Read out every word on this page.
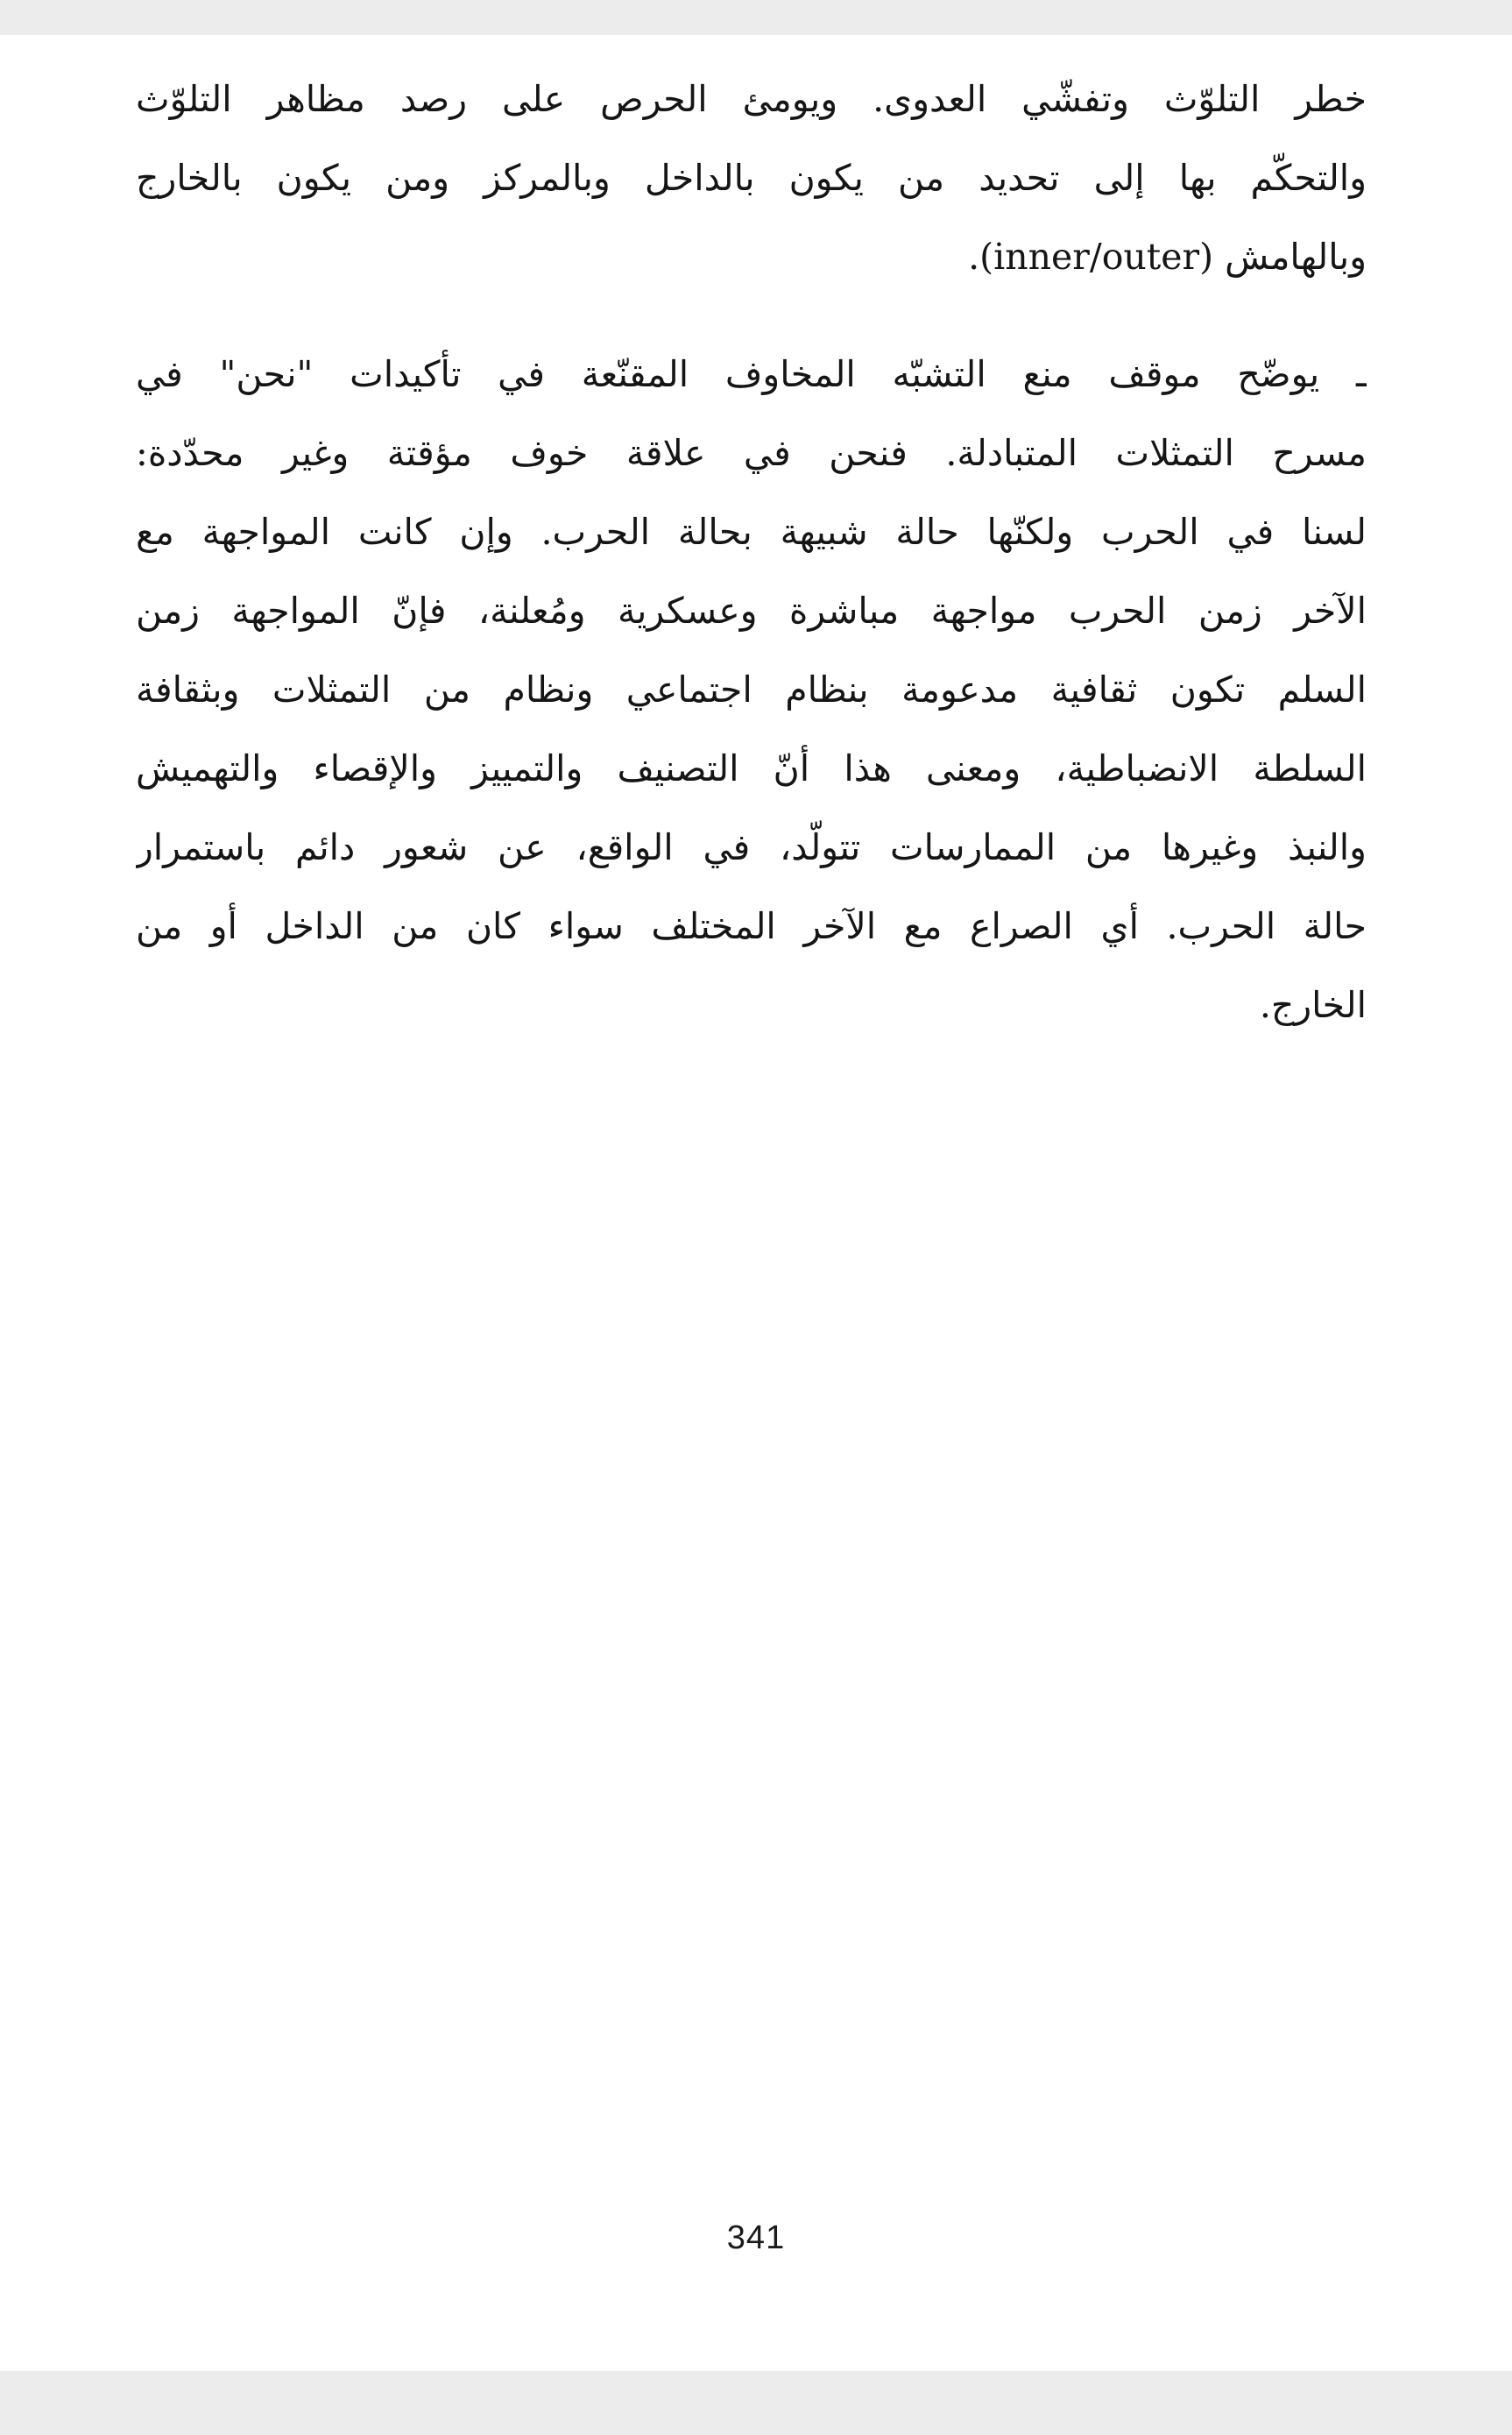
خطر التلوّث وتفشّي العدوى. ويومئ الحرص على رصد مظاهر التلوّث
والتحكّم بها إلى تحديد من يكون بالداخل وبالمركز ومن يكون بالخارج
وبالهامش (inner/outer).
ـ يوضّح موقف منع التشبّه المخاوف المقنّعة في تأكيدات "نحن" في
مسرح التمثلات المتبادلة. فنحن في علاقة خوف مؤقتة وغير محدّدة:
لسنا في الحرب ولكنّها حالة شبيهة بحالة الحرب. وإن كانت المواجهة مع
الآخر زمن الحرب مواجهة مباشرة وعسكرية ومُعلنة، فإنّ المواجهة زمن
السلم تكون ثقافية مدعومة بنظام اجتماعي ونظام من التمثلات وبثقافة
السلطة الانضباطية، ومعنى هذا أنّ التصنيف والتمييز والإقصاء والتهميش
والنبذ وغيرها من الممارسات تتولّد، في الواقع، عن شعور دائم باستمرار
حالة الحرب. أي الصراع مع الآخر المختلف سواء كان من الداخل أو من
الخارج.
341
